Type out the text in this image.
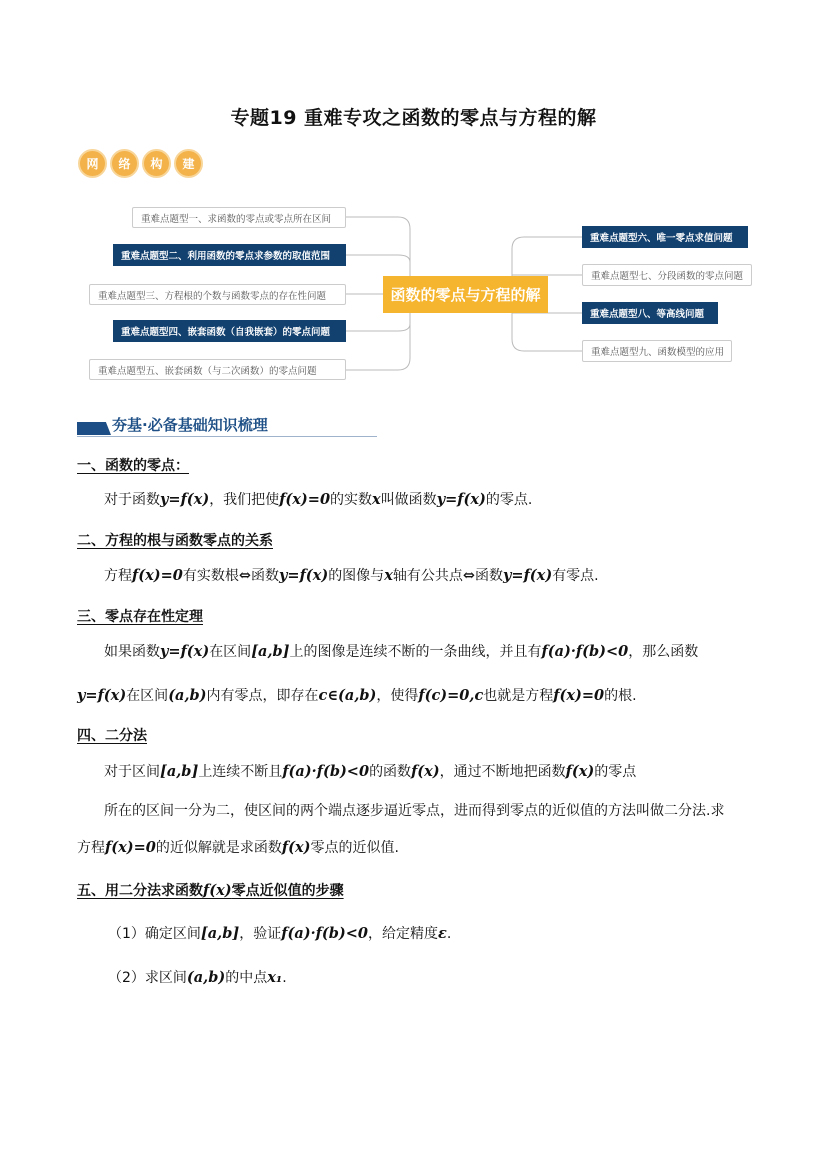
专题19 重难专攻之函数的零点与方程的解
网	络	构	建
重难点题型一、求函数的零点或零点所在区间
重难点题型二、利用函数的零点求参数的取值范围
重难点题型三、方程根的个数与函数零点的存在性问题
重难点题型四、嵌套函数（自我嵌套）的零点问题
重难点题型五、嵌套函数（与二次函数）的零点问题
函数的零点与方程的解
重难点题型六、唯一零点求值问题
重难点题型七、分段函数的零点问题
重难点题型八、等高线问题
重难点题型九、函数模型的应用
夯基·必备基础知识梳理
一、函数的零点：
对于函数y=f(x)，我们把使f(x)=0的实数x叫做函数y=f(x)的零点.
二、方程的根与函数零点的关系
方程f(x)=0有实数根⇔函数y=f(x)的图像与x轴有公共点⇔函数y=f(x)有零点.
三、零点存在性定理
如果函数y=f(x)在区间[a,b]上的图像是连续不断的一条曲线，并且有f(a)·f(b)<0，那么函数
y=f(x)在区间(a,b)内有零点，即存在c∈(a,b)，使得f(c)=0,c也就是方程f(x)=0的根.
四、二分法
对于区间[a,b]上连续不断且f(a)·f(b)<0的函数f(x)，通过不断地把函数f(x)的零点
所在的区间一分为二，使区间的两个端点逐步逼近零点，进而得到零点的近似值的方法叫做二分法.求
方程f(x)=0的近似解就是求函数f(x)零点的近似值.
五、用二分法求函数f(x)零点近似值的步骤
（1）确定区间[a,b]，验证f(a)·f(b)<0，给定精度ε.
（2）求区间(a,b)的中点x₁.
